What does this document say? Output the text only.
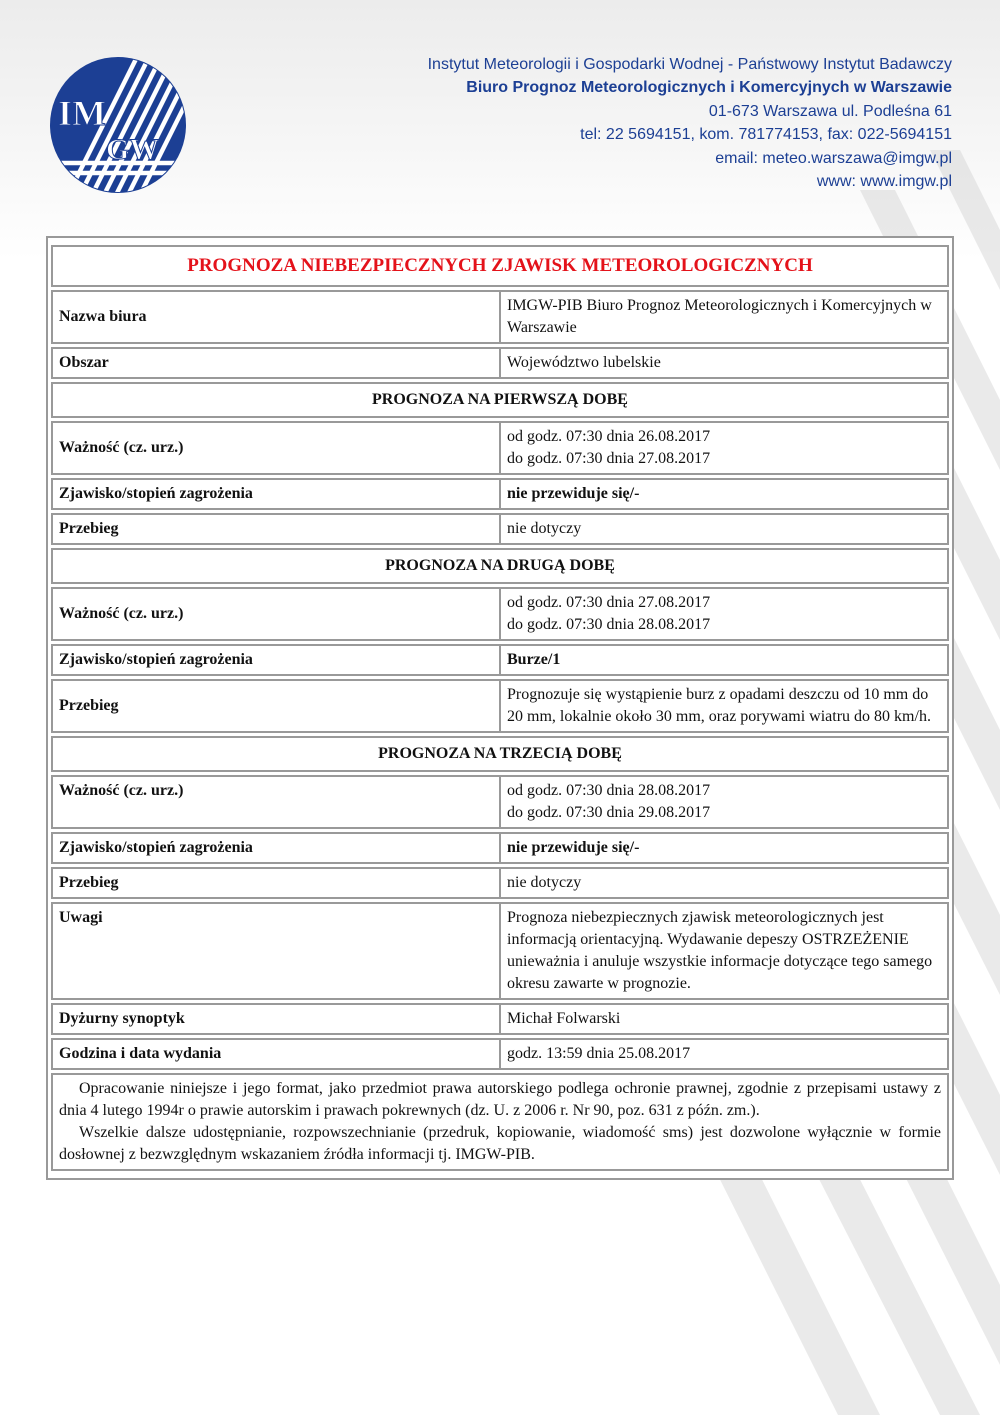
IM
GW
Instytut Meteorologii i Gospodarki Wodnej - Państwowy Instytut Badawczy
Biuro Prognoz Meteorologicznych i Komercyjnych w Warszawie
01-673 Warszawa ul. Podleśna 61
tel: 22 5694151, kom. 781774153, fax: 022-5694151
email: meteo.warszawa@imgw.pl
www: www.imgw.pl
PROGNOZA NIEBEZPIECZNYCH ZJAWISK METEOROLOGICZNYCH	
Nazwa biura	IMGW-PIB Biuro Prognoz Meteorologicznych i Komercyjnych w Warszawie
Obszar	Województwo lubelskie
PROGNOZA NA PIERWSZĄ DOBĘ	
Ważność (cz. urz.)	od godz. 07:30 dnia 26.08.2017
do godz. 07:30 dnia 27.08.2017

Zjawisko/stopień zagrożenia	nie przewiduje się/-
Przebieg	nie dotyczy
PROGNOZA NA DRUGĄ DOBĘ	
Ważność (cz. urz.)	od godz. 07:30 dnia 27.08.2017
do godz. 07:30 dnia 28.08.2017

Zjawisko/stopień zagrożenia	Burze/1
Przebieg	Prognozuje się wystąpienie burz z opadami deszczu od 10 mm do 20 mm, lokalnie około 30 mm, oraz porywami wiatru do 80 km/h.
PROGNOZA NA TRZECIĄ DOBĘ	
Ważność (cz. urz.)	od godz. 07:30 dnia 28.08.2017
do godz. 07:30 dnia 29.08.2017

Zjawisko/stopień zagrożenia	nie przewiduje się/-
Przebieg	nie dotyczy
Uwagi	Prognoza niebezpiecznych zjawisk meteorologicznych jest informacją orientacyjną. Wydawanie depeszy OSTRZEŻENIE unieważnia i anuluje wszystkie informacje dotyczące tego samego okresu zawarte w prognozie.
Dyżurny synoptyk	Michał Folwarski
Godzina i data wydania	godz. 13:59 dnia 25.08.2017

Opracowanie niniejsze i jego format, jako przedmiot prawa autorskiego podlega ochronie prawnej, zgodnie z przepisami ustawy z dnia 4 lutego 1994r o prawie autorskim i prawach pokrewnych (dz. U. z 2006 r. Nr 90, poz. 631 z późn. zm.).

Wszelkie dalsze udostępnianie, rozpowszechnianie (przedruk, kopiowanie, wiadomość sms) jest dozwolone wyłącznie w formie dosłownej z bezwzględnym wskazaniem źródła informacji tj. IMGW-PIB.	
